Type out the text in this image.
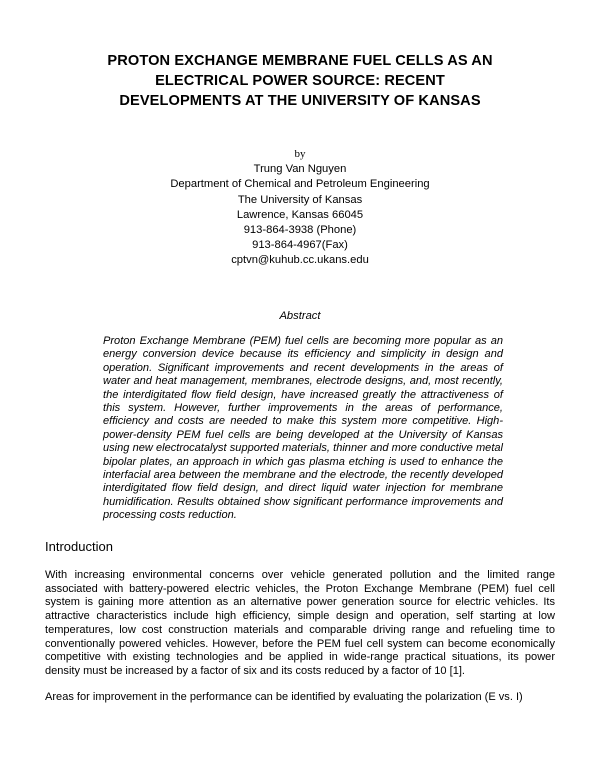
PROTON EXCHANGE MEMBRANE FUEL CELLS AS AN
ELECTRICAL POWER SOURCE: RECENT
DEVELOPMENTS AT THE UNIVERSITY OF KANSAS
by
Trung Van Nguyen
Department of Chemical and Petroleum Engineering
The University of Kansas
Lawrence, Kansas 66045
913-864-3938 (Phone)
913-864-4967(Fax)
cptvn@kuhub.cc.ukans.edu
Abstract
Proton Exchange Membrane (PEM) fuel cells are becoming more popular as an energy conversion device because its efficiency and simplicity in design and operation. Significant improvements and recent developments in the areas of water and heat management, membranes, electrode designs, and, most recently, the interdigitated flow field design, have increased greatly the attractiveness of this system. However, further improvements in the areas of performance, efficiency and costs are needed to make this system more competitive. High-power-density PEM fuel cells are being developed at the University of Kansas using new electrocatalyst supported materials, thinner and more conductive metal bipolar plates, an approach in which gas plasma etching is used to enhance the interfacial area between the membrane and the electrode, the recently developed interdigitated flow field design, and direct liquid water injection for membrane humidification. Results obtained show significant performance improvements and processing costs reduction.
Introduction
With increasing environmental concerns over vehicle generated pollution and the limited range associated with battery-powered electric vehicles, the Proton Exchange Membrane (PEM) fuel cell system is gaining more attention as an alternative power generation source for electric vehicles. Its attractive characteristics include high efficiency, simple design and operation, self starting at low temperatures, low cost construction materials and comparable driving range and refueling time to conventionally powered vehicles. However, before the PEM fuel cell system can become economically competitive with existing technologies and be applied in wide-range practical situations, its power density must be increased by a factor of six and its costs reduced by a factor of 10 [1].
Areas for improvement in the performance can be identified by evaluating the polarization (E vs. I)
